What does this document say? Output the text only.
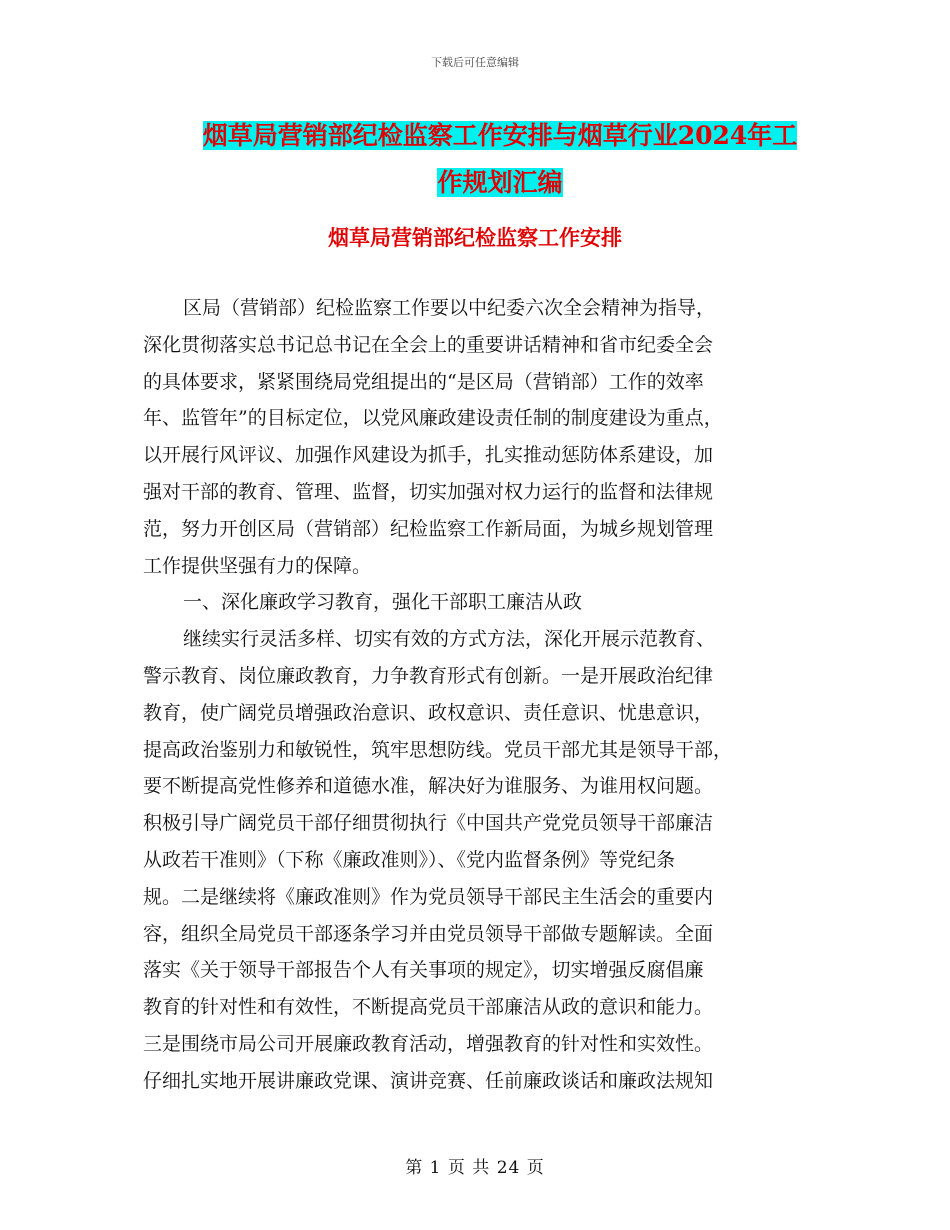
下载后可任意编辑
烟草局营销部纪检监察工作安排与烟草行业2024年工
作规划汇编
烟草局营销部纪检监察工作安排
区局（营销部）纪检监察工作要以中纪委六次全会精神为指导，
深化贯彻落实总书记总书记在全会上的重要讲话精神和省市纪委全会
的具体要求，紧紧围绕局党组提出的“是区局（营销部）工作的效率
年、监管年”的目标定位，以党风廉政建设责任制的制度建设为重点，
以开展行风评议、加强作风建设为抓手，扎实推动惩防体系建设，加
强对干部的教育、管理、监督，切实加强对权力运行的监督和法律规
范，努力开创区局（营销部）纪检监察工作新局面，为城乡规划管理
工作提供坚强有力的保障。
一、深化廉政学习教育，强化干部职工廉洁从政
继续实行灵活多样、切实有效的方式方法，深化开展示范教育、
警示教育、岗位廉政教育，力争教育形式有创新。一是开展政治纪律
教育，使广阔党员增强政治意识、政权意识、责任意识、忧患意识，
提高政治鉴别力和敏锐性，筑牢思想防线。党员干部尤其是领导干部，
要不断提高党性修养和道德水准，解决好为谁服务、为谁用权问题。
积极引导广阔党员干部仔细贯彻执行《中国共产党党员领导干部廉洁
从政若干准则》（下称《廉政准则》）、《党内监督条例》等党纪条
规。二是继续将《廉政准则》作为党员领导干部民主生活会的重要内
容，组织全局党员干部逐条学习并由党员领导干部做专题解读。全面
落实《关于领导干部报告个人有关事项的规定》，切实增强反腐倡廉
教育的针对性和有效性，不断提高党员干部廉洁从政的意识和能力。
三是围绕市局公司开展廉政教育活动，增强教育的针对性和实效性。
仔细扎实地开展讲廉政党课、演讲竞赛、任前廉政谈话和廉政法规知
第 1 页 共 24 页
